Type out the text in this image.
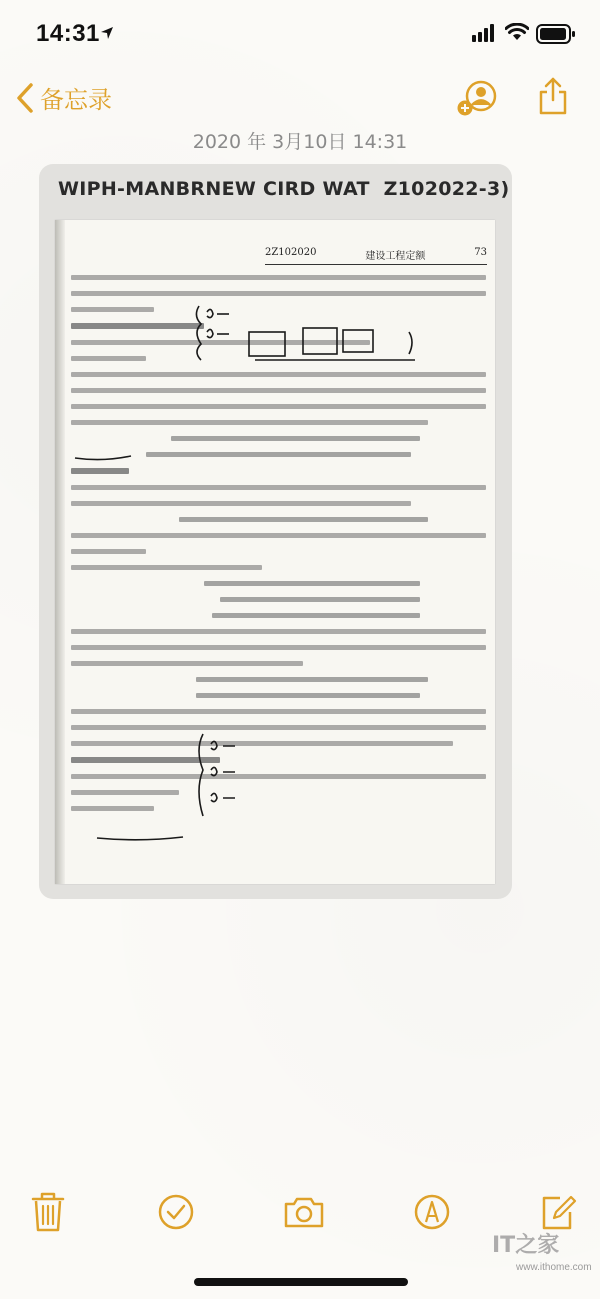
14:31
备忘录
2020 年 3月10日 14:31
WIPH-MANBRNEW CIRD WAT  Z102022-3)
2Z102020	建设工程定额	73
IT之家
www.ithome.com
